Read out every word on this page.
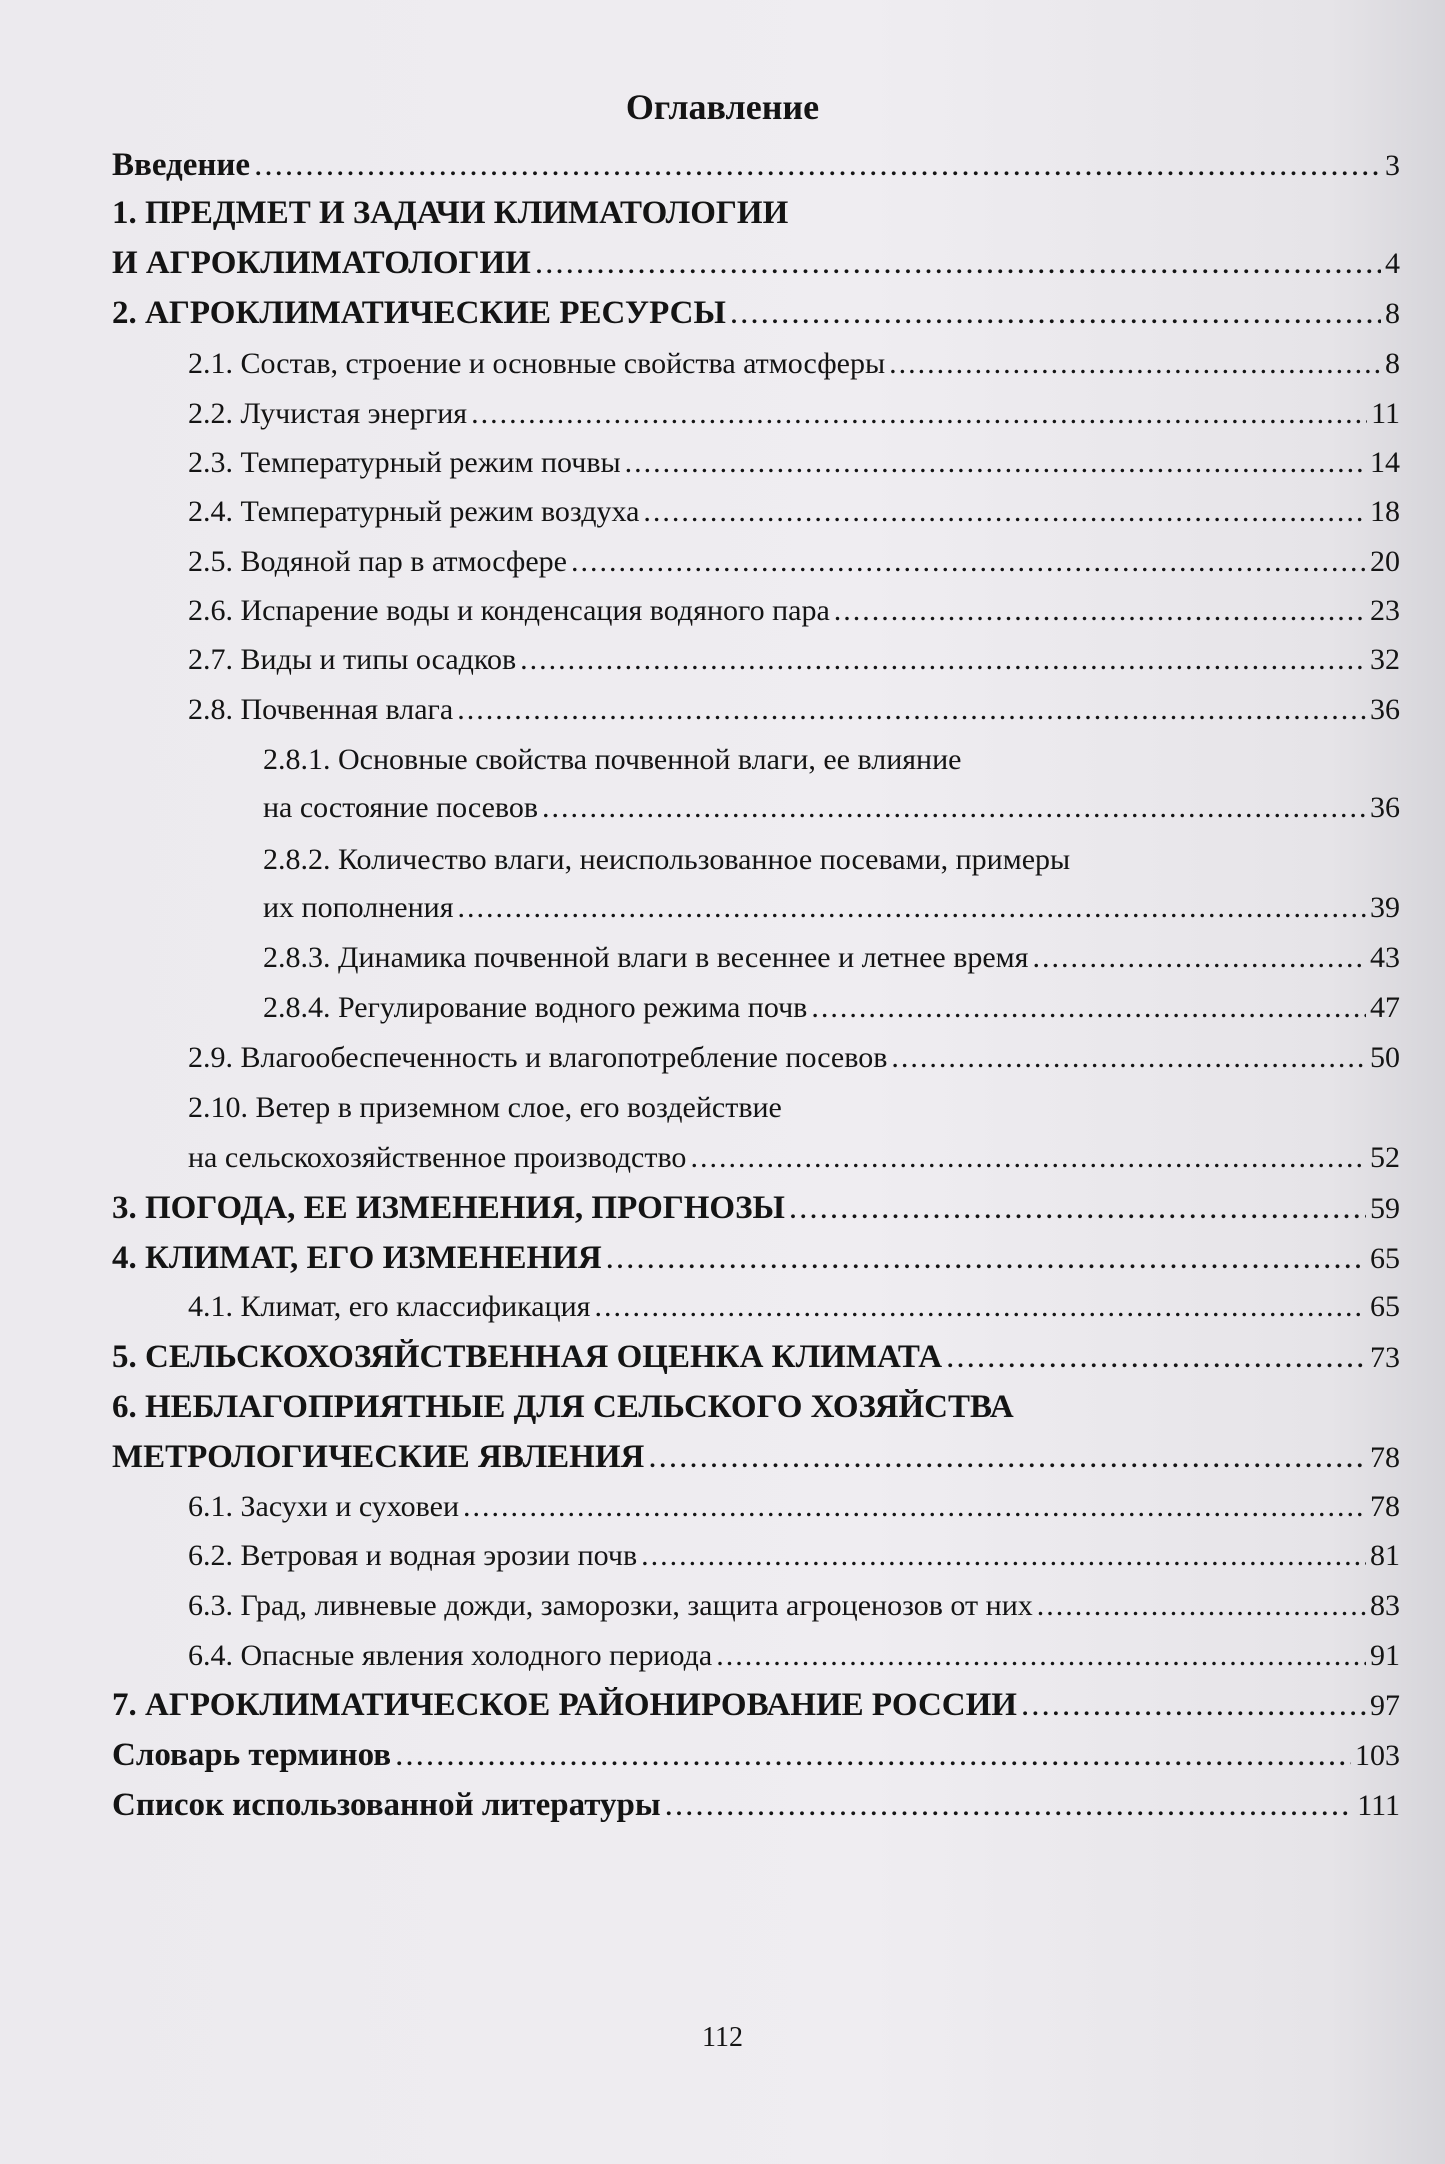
Оглавление
Введение .....	3
1. ПРЕДМЕТ И ЗАДАЧИ КЛИМАТОЛОГИИ
И АГРОКЛИМАТОЛОГИИ .....	4
2. АГРОКЛИМАТИЧЕСКИЕ РЕСУРСЫ .....	8
2.1. Состав, строение и основные свойства атмосферы .....	8
2.2. Лучистая энергия .....	11
2.3. Температурный режим почвы .....	14
2.4. Температурный режим воздуха .....	18
2.5. Водяной пар в атмосфере .....	20
2.6. Испарение воды и конденсация водяного пара .....	23
2.7. Виды и типы осадков .....	32
2.8. Почвенная влага .....	36
2.8.1. Основные свойства почвенной влаги, ее влияние
на состояние посевов .....	36
2.8.2. Количество влаги, неиспользованное посевами, примеры
их пополнения .....	39
2.8.3. Динамика почвенной влаги в весеннее и летнее время .....	43
2.8.4. Регулирование водного режима почв .....	47
2.9. Влагообеспеченность и влагопотребление посевов .....	50
2.10. Ветер в приземном слое, его воздействие
на сельскохозяйственное производство .....	52
3. ПОГОДА, ЕЕ ИЗМЕНЕНИЯ, ПРОГНОЗЫ .....	59
4. КЛИМАТ, ЕГО ИЗМЕНЕНИЯ .....	65
4.1. Климат, его классификация .....	65
5. СЕЛЬСКОХОЗЯЙСТВЕННАЯ ОЦЕНКА КЛИМАТА .....	73
6. НЕБЛАГОПРИЯТНЫЕ ДЛЯ СЕЛЬСКОГО ХОЗЯЙСТВА
МЕТРОЛОГИЧЕСКИЕ ЯВЛЕНИЯ .....	78
6.1. Засухи и суховеи .....	78
6.2. Ветровая и водная эрозии почв .....	81
6.3. Град, ливневые дожди, заморозки, защита агроценозов от них .....	83
6.4. Опасные явления холодного периода .....	91
7. АГРОКЛИМАТИЧЕСКОЕ РАЙОНИРОВАНИЕ РОССИИ .....	97
Словарь терминов .....	103
Список использованной литературы .....	111
112
